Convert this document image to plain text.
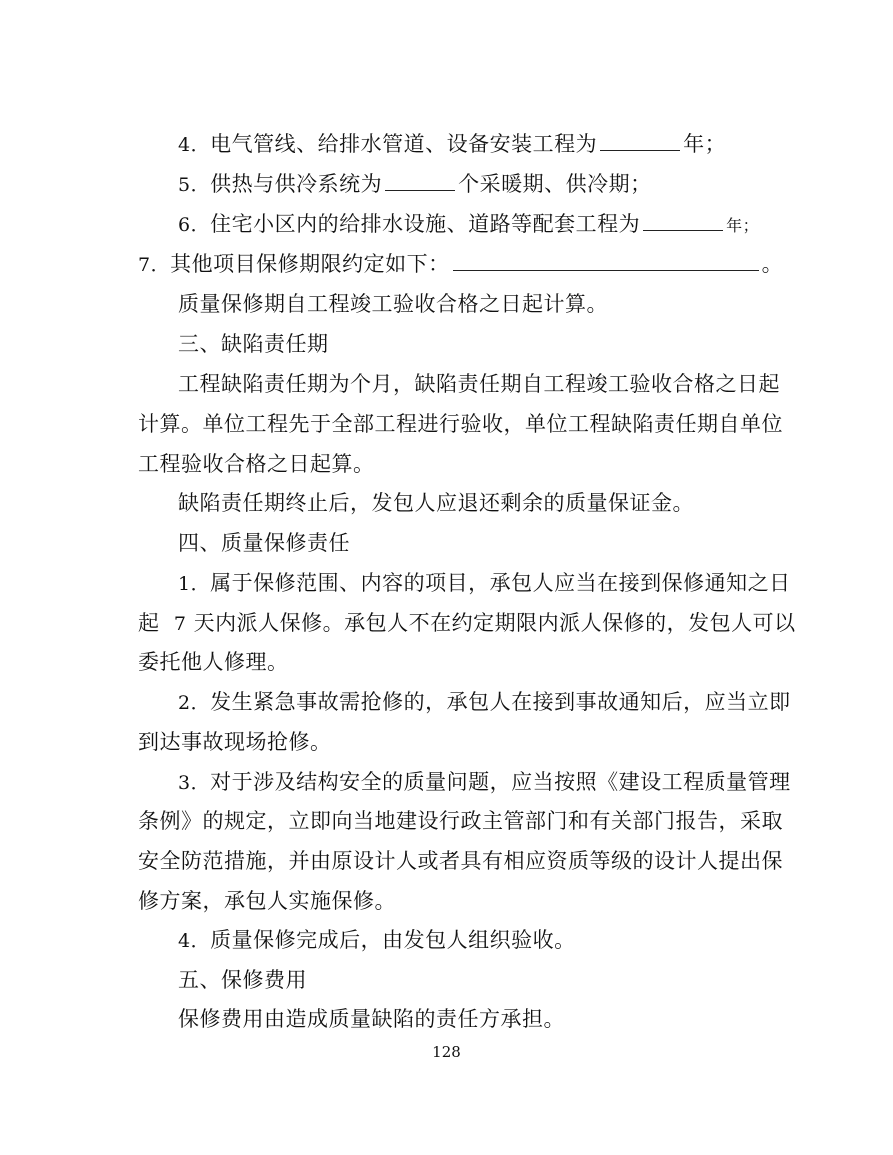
4．电气管线、给排水管道、设备安装工程为	年；
5．供热与供冷系统为	个采暖期、供冷期；
6．住宅小区内的给排水设施、道路等配套工程为	年；
7．其他项目保修期限约定如下：	。
质量保修期自工程竣工验收合格之日起计算。
三、缺陷责任期
工程缺陷责任期为个月，缺陷责任期自工程竣工验收合格之日起
计算。单位工程先于全部工程进行验收，单位工程缺陷责任期自单位
工程验收合格之日起算。
缺陷责任期终止后，发包人应退还剩余的质量保证金。
四、质量保修责任
1．属于保修范围、内容的项目，承包人应当在接到保修通知之日
起 7 天内派人保修。承包人不在约定期限内派人保修的，发包人可以
委托他人修理。
2．发生紧急事故需抢修的，承包人在接到事故通知后，应当立即
到达事故现场抢修。
3．对于涉及结构安全的质量问题，应当按照《建设工程质量管理
条例》的规定，立即向当地建设行政主管部门和有关部门报告，采取
安全防范措施，并由原设计人或者具有相应资质等级的设计人提出保
修方案，承包人实施保修。
4．质量保修完成后，由发包人组织验收。
五、保修费用
保修费用由造成质量缺陷的责任方承担。
128
